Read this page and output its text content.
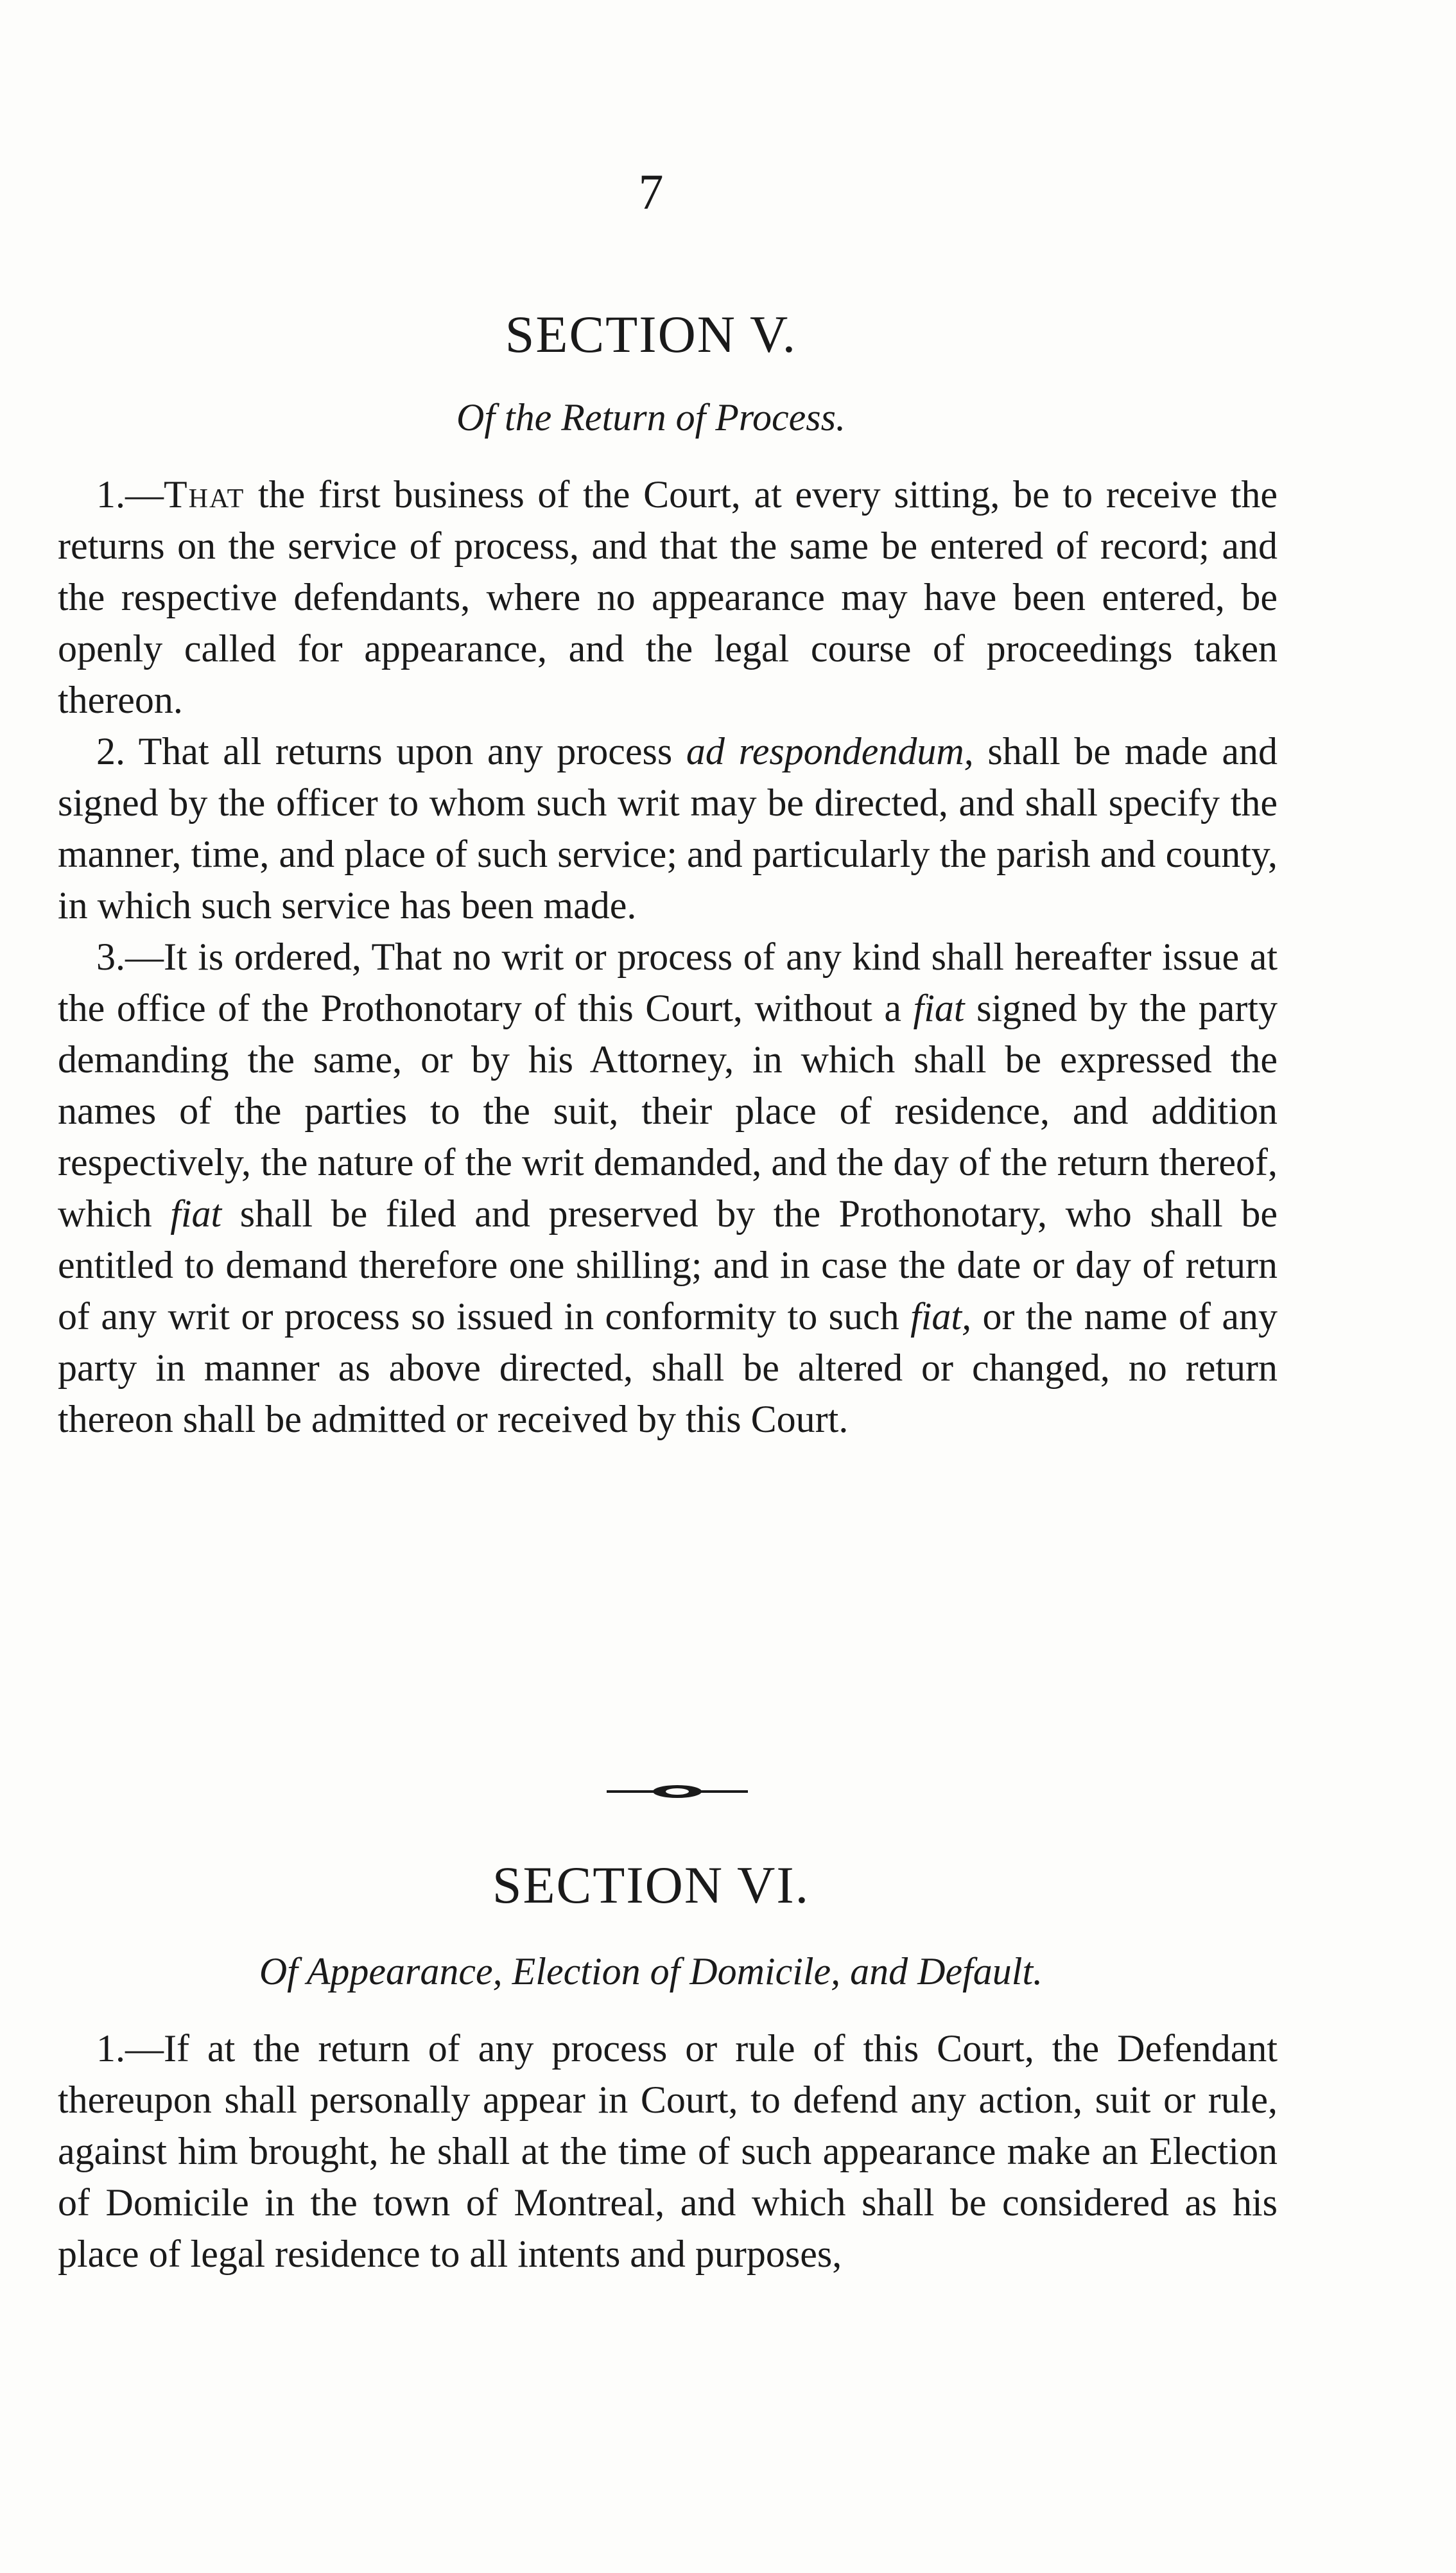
7
SECTION V.
Of the Return of Process.

1.—That the first business of the Court, at every sitting, be to receive the returns on the service of process, and that the same be entered of record; and the respective defendants, where no appearance may have been entered, be openly called for appearance, and the legal course of proceedings taken thereon.

2. That all returns upon any process ad respondendum, shall be made and signed by the officer to whom such writ may be directed, and shall specify the manner, time, and place of such service; and particularly the parish and county, in which such service has been made.

3.—It is ordered, That no writ or process of any kind shall hereafter issue at the office of the Prothonotary of this Court, without a fiat signed by the party demanding the same, or by his Attorney, in which shall be expressed the names of the parties to the suit, their place of residence, and addition respectively, the nature of the writ demanded, and the day of the return thereof, which fiat shall be filed and preserved by the Prothonotary, who shall be entitled to demand therefore one shilling; and in case the date or day of return of any writ or process so issued in conformity to such fiat, or the name of any party in manner as above directed, shall be altered or changed, no return thereon shall be admitted or received by this Court.

SECTION VI.
Of Appearance, Election of Domicile, and Default.

1.—If at the return of any process or rule of this Court, the Defendant thereupon shall personally appear in Court, to defend any action, suit or rule, against him brought, he shall at the time of such appearance make an Election of Domicile in the town of Montreal, and which shall be considered as his place of legal residence to all intents and purposes,
